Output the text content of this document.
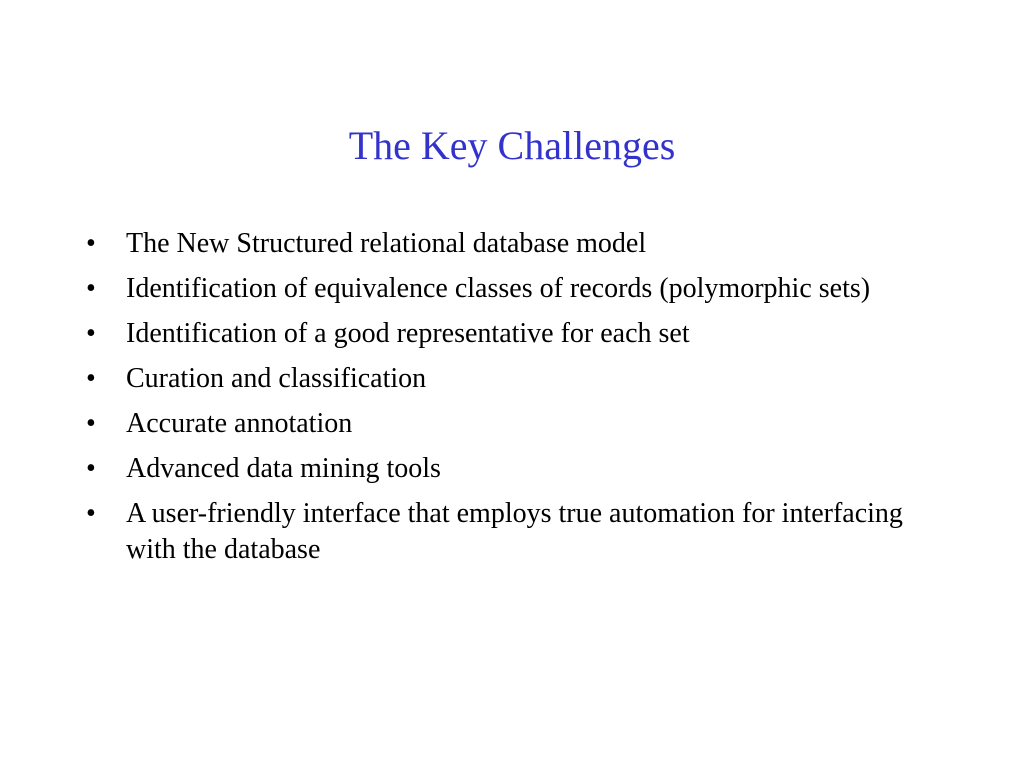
The Key Challenges
•	The New Structured relational database model
•	Identification of equivalence classes of records (polymorphic sets)
•	Identification of a good representative for each set
•	Curation and classification
•	Accurate annotation
•	Advanced data mining tools
•	A user-friendly interface that employs true automation for interfacing with the database
